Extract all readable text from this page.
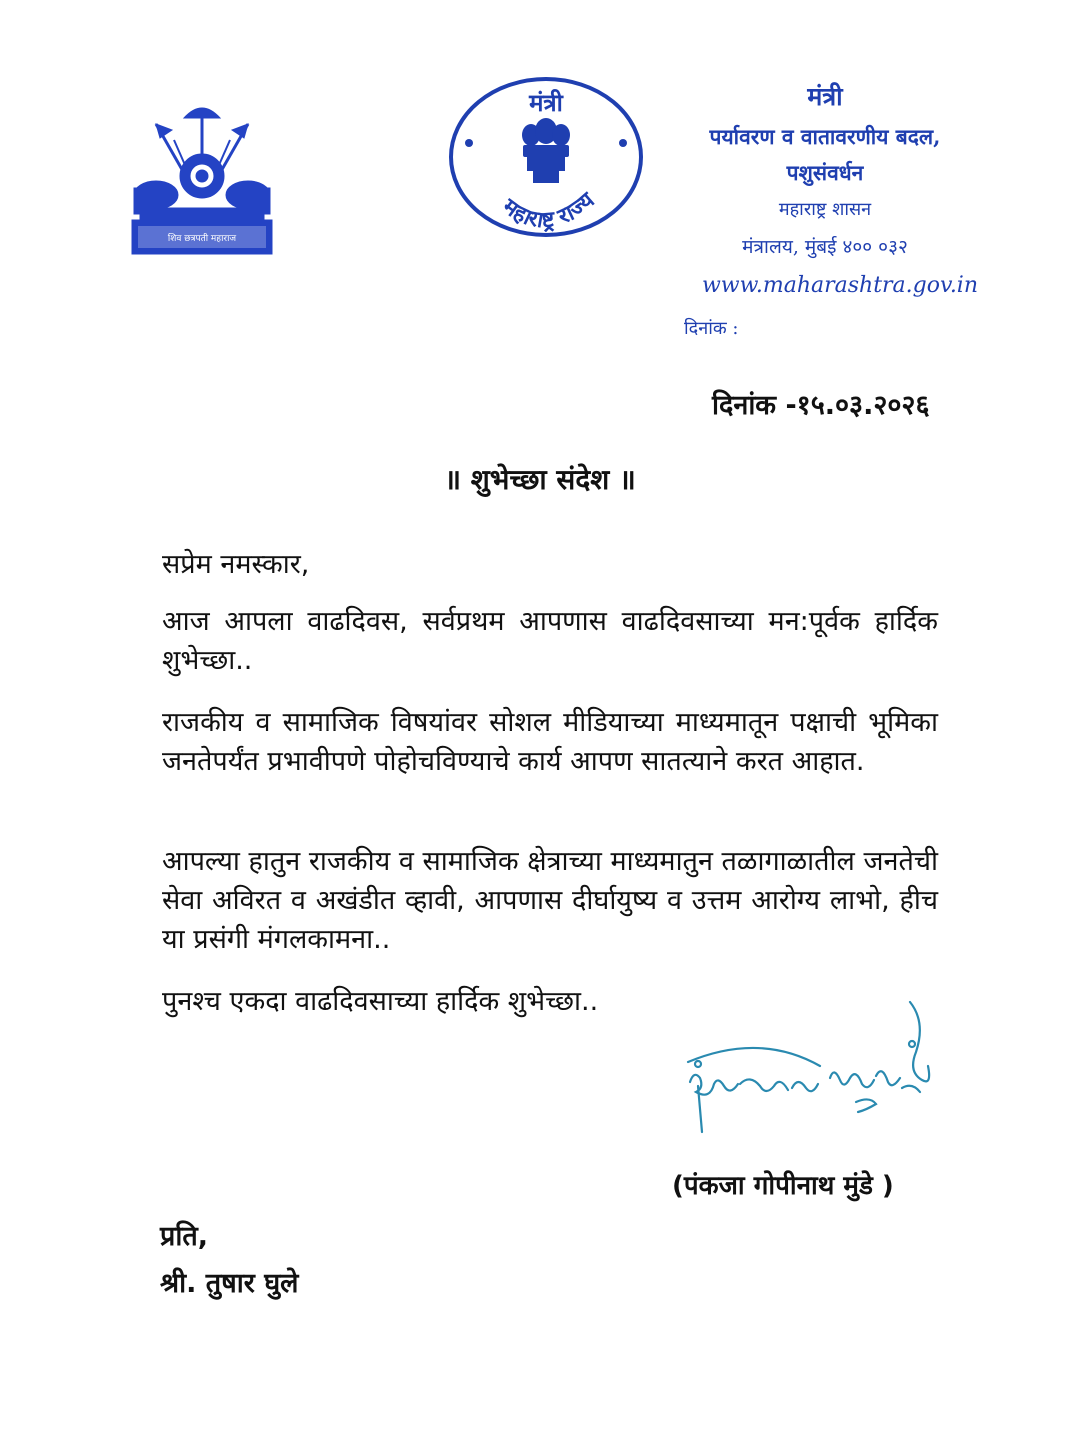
शिव छत्रपती महाराज
मंत्री
महाराष्ट्र राज्य
मंत्री
पर्यावरण व वातावरणीय बदल,
पशुसंवर्धन
महाराष्ट्र शासन
मंत्रालय, मुंबई ४०० ०३२
www.maharashtra.gov.in
दिनांक :
दिनांक -१५.०३.२०२६
॥ शुभेच्छा संदेश ॥
सप्रेम नमस्कार,
आज आपला वाढदिवस, सर्वप्रथम आपणास वाढदिवसाच्या मन:पूर्वक हार्दिक शुभेच्छा..
राजकीय व सामाजिक विषयांवर सोशल मीडियाच्या माध्यमातून पक्षाची भूमिका जनतेपर्यंत प्रभावीपणे पोहोचविण्याचे कार्य आपण सातत्याने करत आहात.
आपल्या हातुन राजकीय व सामाजिक क्षेत्राच्या माध्यमातुन तळागाळातील जनतेची सेवा अविरत व अखंडीत व्हावी, आपणास दीर्घायुष्य व उत्तम आरोग्य लाभो, हीच या प्रसंगी मंगलकामना..
पुनश्च एकदा वाढदिवसाच्या हार्दिक शुभेच्छा..
(पंकजा गोपीनाथ मुंडे )
प्रति,
श्री. तुषार घुले
